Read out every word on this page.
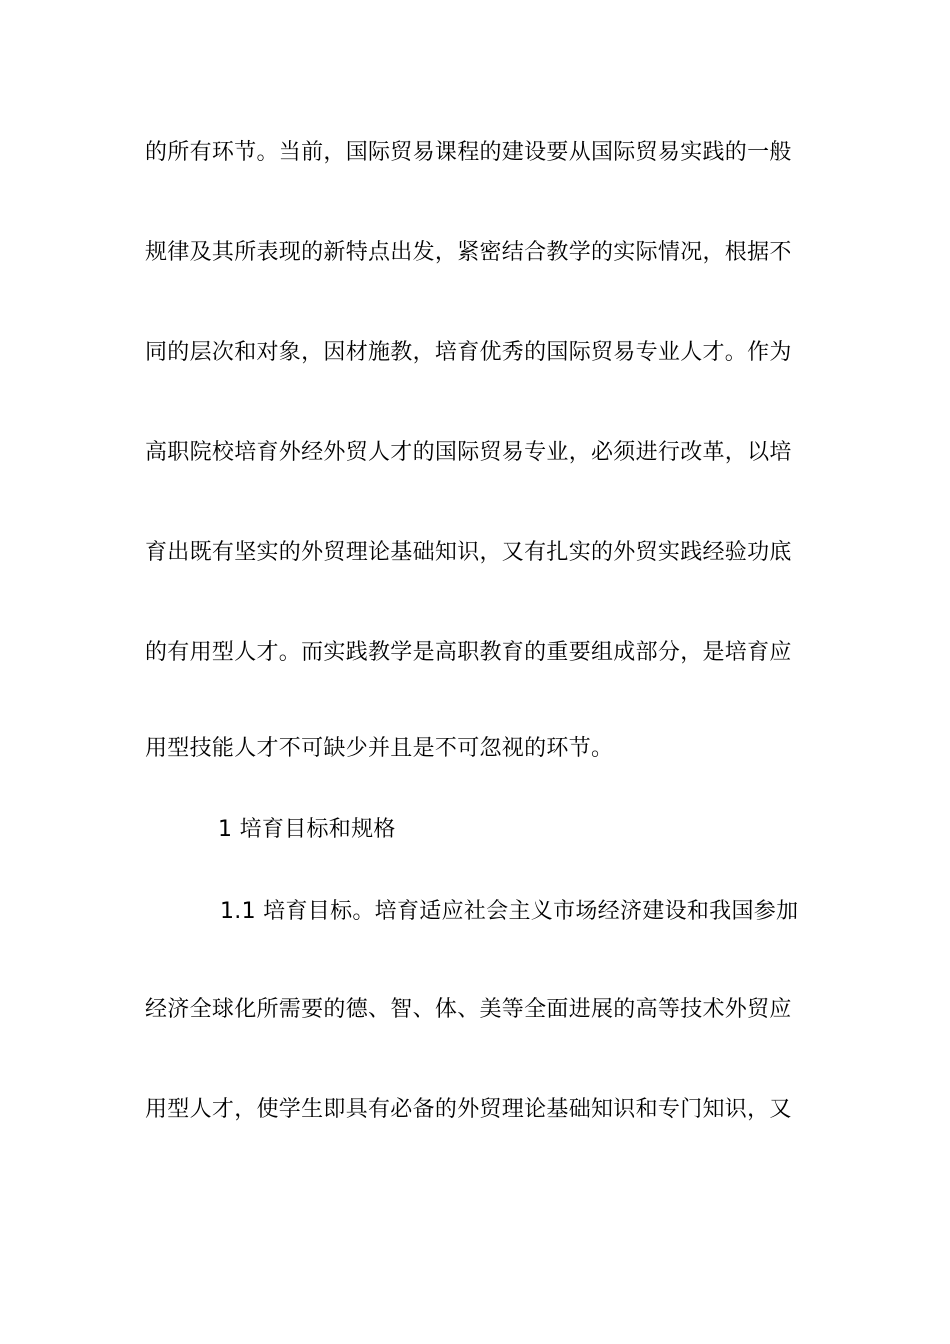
的所有环节。当前，国际贸易课程的建设要从国际贸易实践的一般
规律及其所表现的新特点出发，紧密结合教学的实际情况，根据不
同的层次和对象，因材施教，培育优秀的国际贸易专业人才。作为
高职院校培育外经外贸人才的国际贸易专业，必须进行改革，以培
育出既有坚实的外贸理论基础知识，又有扎实的外贸实践经验功底
的有用型人才。而实践教学是高职教育的重要组成部分，是培育应
用型技能人才不可缺少并且是不可忽视的环节。
1 培育目标和规格
1.1 培育目标。培育适应社会主义市场经济建设和我国参加
经济全球化所需要的德、智、体、美等全面进展的高等技术外贸应
用型人才，使学生即具有必备的外贸理论基础知识和专门知识，又
